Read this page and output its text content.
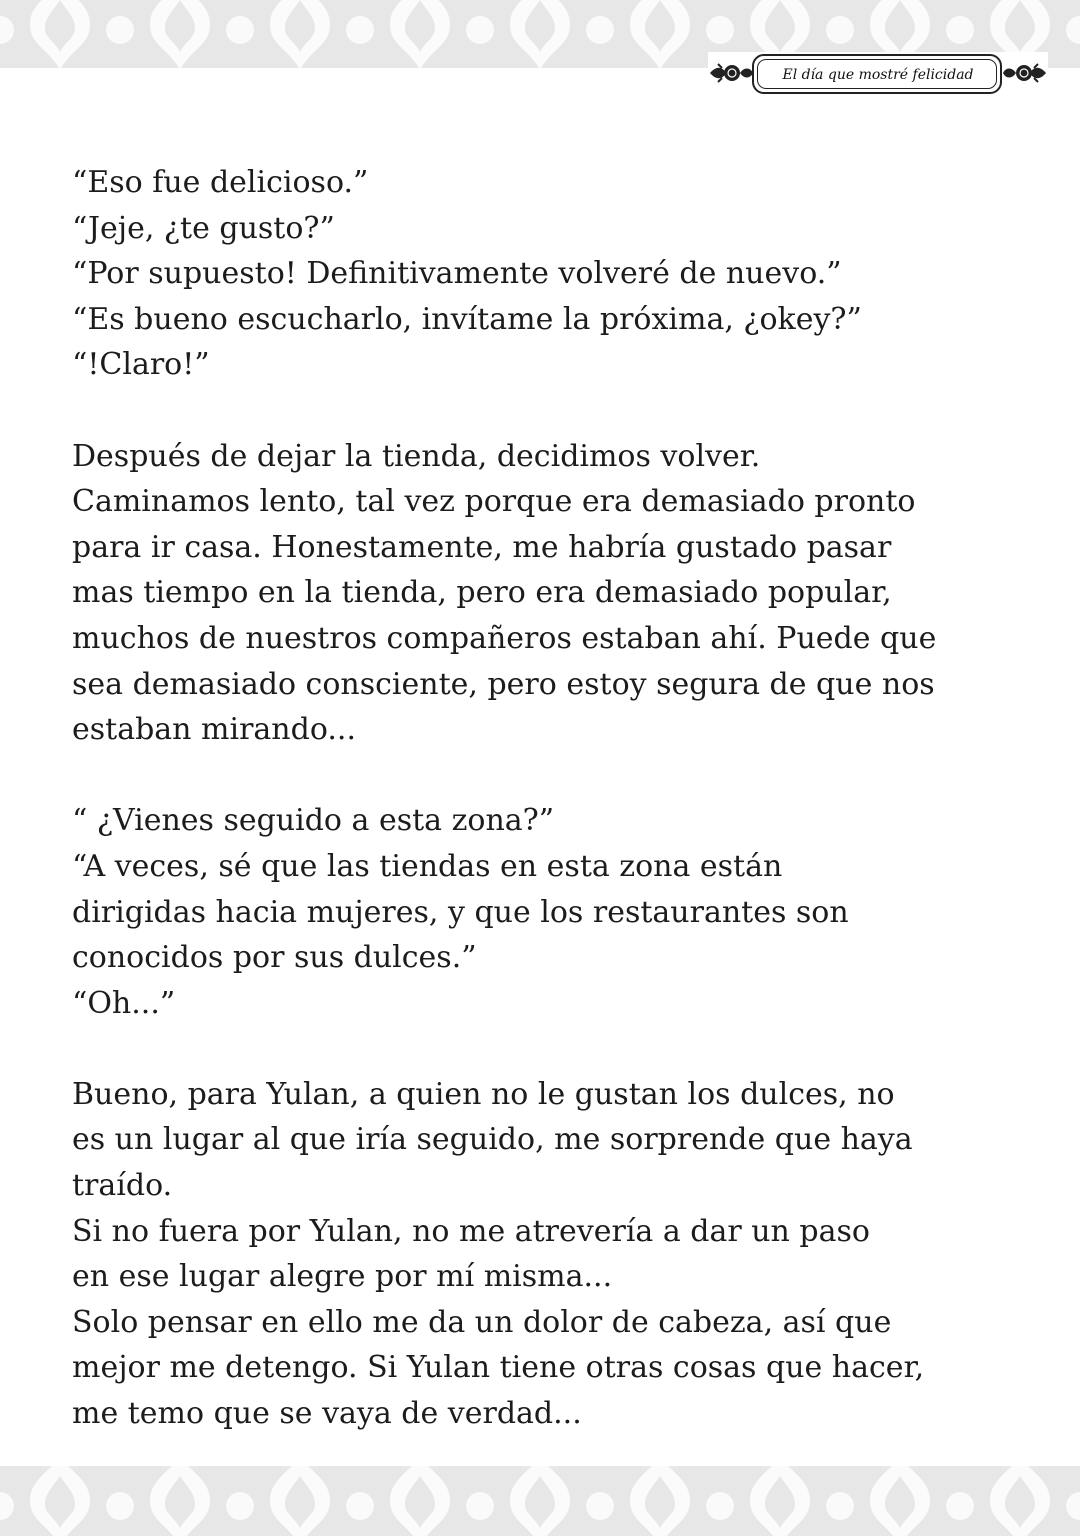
El día que mostré felicidad
“Eso fue delicioso.”
“Jeje, ¿te gusto?”
“Por supuesto! Definitivamente volveré de nuevo.”
“Es bueno escucharlo, invítame la próxima, ¿okey?”
“!Claro!”
Después de dejar la tienda, decidimos volver.
Caminamos lento, tal vez porque era demasiado pronto
para ir casa. Honestamente, me habría gustado pasar
mas tiempo en la tienda, pero era demasiado popular,
muchos de nuestros compañeros estaban ahí. Puede que
sea demasiado consciente, pero estoy segura de que nos
estaban mirando...
“ ¿Vienes seguido a esta zona?”
“A veces, sé que las tiendas en esta zona están
dirigidas hacia mujeres, y que los restaurantes son
conocidos por sus dulces.”
“Oh...”
Bueno, para Yulan, a quien no le gustan los dulces, no
es un lugar al que iría seguido, me sorprende que haya
traído.
Si no fuera por Yulan, no me atrevería a dar un paso
en ese lugar alegre por mí misma...
Solo pensar en ello me da un dolor de cabeza, así que
mejor me detengo. Si Yulan tiene otras cosas que hacer,
me temo que se vaya de verdad...
